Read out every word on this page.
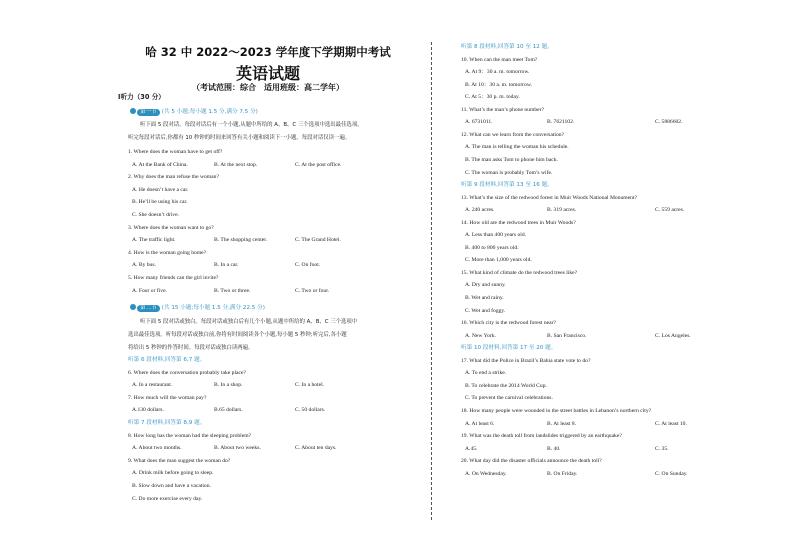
哈 32 中 2022～2023 学年度下学期期中考试
英语试题
（考试范围：综合　适用班级：高二学年）
Ⅰ听力（30 分）
第一节 (共 5 小题;每小题 1.5 分,满分 7.5 分)
听下面 5 段对话。每段对话后有一个小题,从题中所给的 A、B、C 三个选项中选出最佳选项。
听完每段对话后,你都有 10 秒钟的时间来回答有关小题和阅读下一小题。每段对话仅读一遍。
1. Where does the woman have to get off?
A. At the Bank of China.	B. At the next stop.	C. At the post office.
2. Why does the man refuse the woman?
A. He doesn’t have a car.
B. He’ll be using his car.
C. She doesn’t drive.
3. Where does the woman want to go?
A. The traffic light.	B. The shopping center.	C. The Grand Hotel.
4. How is the woman going home?
A. By bus.	B. In a car.	C. On foot.
5. How many friends can the girl invite?
A. Four or five.	B. Two or three.	C. Two or four.
第二节 (共 15 小题;每小题 1.5 分,满分 22.5 分)
听下面 5 段对话或独白。每段对话或独白后有几个小题,从题中所给的 A、B、C 三个选项中
选出最佳选项。听每段对话或独白前,你将有时间阅读各个小题,每小题 5 秒钟;听完后,各小题
将给出 5 秒钟的作答时间。每段对话或独白读两遍。
听第 6 段材料,回答第 6,7 题。
6. Where does the conversation probably take place?
A. In a restaurant.	B. In a shop.	C. In a hotel.
7. How much will the woman pay?
A.130 dollars.	B.65 dollars.	C. 50 dollars.
听第 7 段材料,回答第 8,9 题。
8. How long has the woman had the sleeping problem?
A. About two months.	B. About two weeks.	C. About ten days.
9. What does the man suggest the woman do?
A. Drink milk before going to sleep.
B. Slow down and have a vacation.
C. Do more exercise every day.
听第 8 段材料,回答第 10 至 12 题。
10. When can the man meet Tom?
A. At 9：30 a. m. tomorrow.
B. At 10：30 a. m. tomorrow.
C. At 5：30 p. m. today.
11. What’s the man’s phone number?
A. 6731011.	B. 7621102.	C. 5886602.
12. What can we learn from the conversation?
A. The man is telling the woman his schedule.
B. The man asks Tom to phone him back.
C. The woman is probably Tom’s wife.
听第 9 段材料,回答第 13 至 16 题。
13. What’s the size of the redwood forest in Muir Woods National Monument?
A. 240 acres.	B. 319 acres.	C. 559 acres.
14. How old are the redwood trees in Muir Woods?
A. Less than 400 years old.
B. 400 to 800 years old.
C. More than 1,000 years old.
15. What kind of climate do the redwood trees like?
A. Dry and sunny.
B. Wet and rainy.
C. Wet and foggy.
16. Which city is the redwood forest near?
A. New York.	B. San Francisco.	C. Los Angeles.
听第 10 段材料,回答第 17 至 20 题。
17. What did the Police in Brazil’s Bahia state vote to do?
A. To end a strike.
B. To celebrate the 2014 World Cup.
C. To prevent the carnival celebrations.
18. How many people were wounded in the street battles in Lebanon’s northern city?
A. At least 6.	B. At least 8.	C. At least 10.
19. What was the death toll from landslides triggered by an earthquake?
A.45.	B. 40.	C. 35.
20. What day did the disaster officials announce the death toll?
A. On Wednesday.	B. On Friday.	C. On Sunday.
